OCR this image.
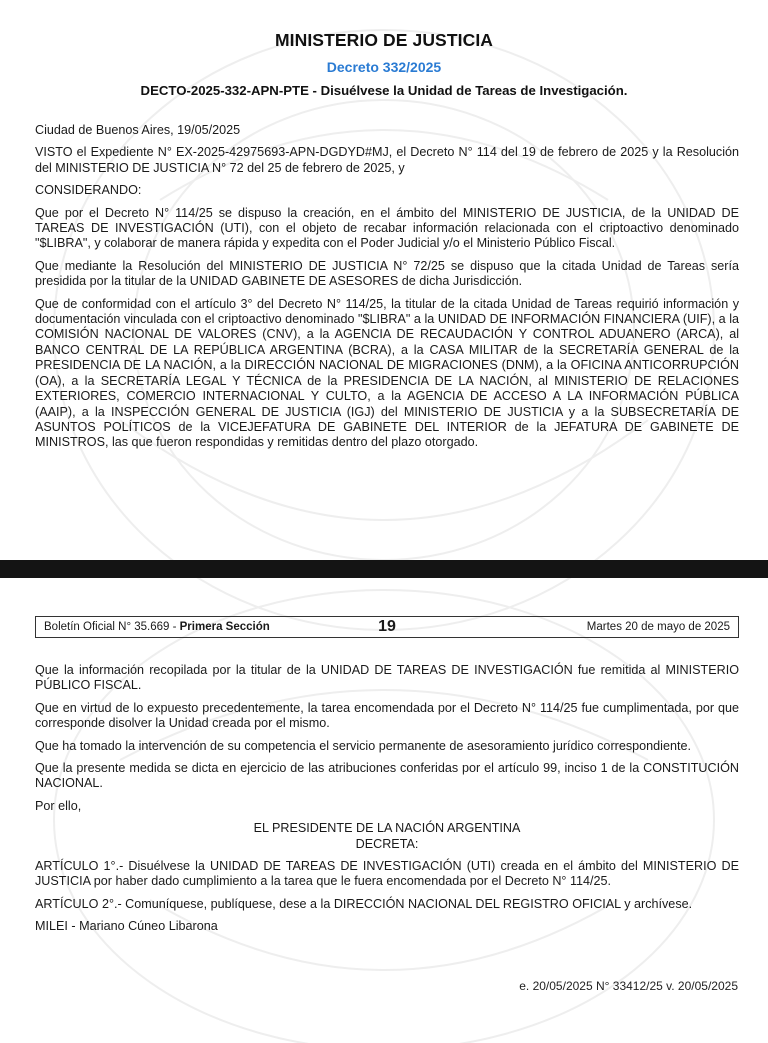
MINISTERIO DE JUSTICIA
Decreto 332/2025
DECTO-2025-332-APN-PTE - Disuélvese la Unidad de Tareas de Investigación.

Ciudad de Buenos Aires, 19/05/2025

VISTO el Expediente N° EX-2025-42975693-APN-DGDYD#MJ, el Decreto N° 114 del 19 de febrero de 2025 y la Resolución del MINISTERIO DE JUSTICIA N° 72 del 25 de febrero de 2025, y

CONSIDERANDO:

Que por el Decreto N° 114/25 se dispuso la creación, en el ámbito del MINISTERIO DE JUSTICIA, de la UNIDAD DE TAREAS DE INVESTIGACIÓN (UTI), con el objeto de recabar información relacionada con el criptoactivo denominado "$LIBRA", y colaborar de manera rápida y expedita con el Poder Judicial y/o el Ministerio Público Fiscal.

Que mediante la Resolución del MINISTERIO DE JUSTICIA N° 72/25 se dispuso que la citada Unidad de Tareas sería presidida por la titular de la UNIDAD GABINETE DE ASESORES de dicha Jurisdicción.

Que de conformidad con el artículo 3° del Decreto N° 114/25, la titular de la citada Unidad de Tareas requirió información y documentación vinculada con el criptoactivo denominado "$LIBRA" a la UNIDAD DE INFORMACIÓN FINANCIERA (UIF), a la COMISIÓN NACIONAL DE VALORES (CNV), a la AGENCIA DE RECAUDACIÓN Y CONTROL ADUANERO (ARCA), al BANCO CENTRAL DE LA REPÚBLICA ARGENTINA (BCRA), a la CASA MILITAR de la SECRETARÍA GENERAL de la PRESIDENCIA DE LA NACIÓN, a la DIRECCIÓN NACIONAL DE MIGRACIONES (DNM), a la OFICINA ANTICORRUPCIÓN (OA), a la SECRETARÍA LEGAL Y TÉCNICA de la PRESIDENCIA DE LA NACIÓN, al MINISTERIO DE RELACIONES EXTERIORES, COMERCIO INTERNACIONAL Y CULTO, a la AGENCIA DE ACCESO A LA INFORMACIÓN PÚBLICA (AAIP), a la INSPECCIÓN GENERAL DE JUSTICIA (IGJ) del MINISTERIO DE JUSTICIA y a la SUBSECRETARÍA DE ASUNTOS POLÍTICOS de la VICEJEFATURA DE GABINETE DEL INTERIOR de la JEFATURA DE GABINETE DE MINISTROS, las que fueron respondidas y remitidas dentro del plazo otorgado.

Boletín Oficial N° 35.669 - Primera Sección	19	Martes 20 de mayo de 2025

Que la información recopilada por la titular de la UNIDAD DE TAREAS DE INVESTIGACIÓN fue remitida al MINISTERIO PÚBLICO FISCAL.

Que en virtud de lo expuesto precedentemente, la tarea encomendada por el Decreto N° 114/25 fue cumplimentada, por que corresponde disolver la Unidad creada por el mismo.

Que ha tomado la intervención de su competencia el servicio permanente de asesoramiento jurídico correspondiente.

Que la presente medida se dicta en ejercicio de las atribuciones conferidas por el artículo 99, inciso 1 de la CONSTITUCIÓN NACIONAL.

Por ello,

EL PRESIDENTE DE LA NACIÓN ARGENTINA

DECRETA:

ARTÍCULO 1°.- Disuélvese la UNIDAD DE TAREAS DE INVESTIGACIÓN (UTI) creada en el ámbito del MINISTERIO DE JUSTICIA por haber dado cumplimiento a la tarea que le fuera encomendada por el Decreto N° 114/25.

ARTÍCULO 2°.- Comuníquese, publíquese, dese a la DIRECCIÓN NACIONAL DEL REGISTRO OFICIAL y archívese.

MILEI - Mariano Cúneo Libarona

e. 20/05/2025 N° 33412/25 v. 20/05/2025
